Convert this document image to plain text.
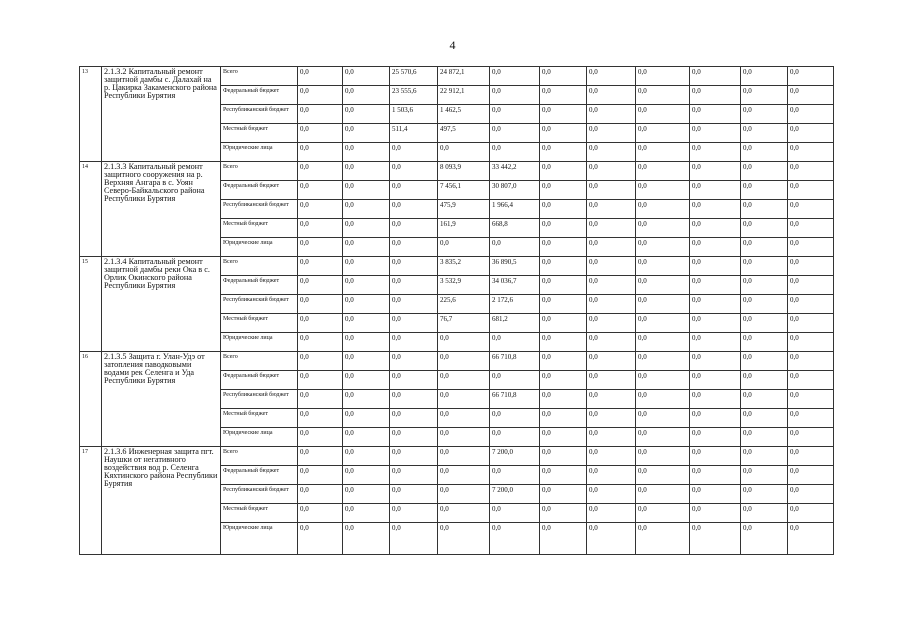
4
13	2.1.3.2 Капитальный ремонт защитной дамбы с. Далахай на р. Цакирка Закаменского района Республики Бурятия	Всего	0,0	0,0	25 570,6	24 872,1	0,0	0,0	0,0	0,0	0,0	0,0	0,0
		Федеральный бюджет	0,0	0,0	23 555,6	22 912,1	0,0	0,0	0,0	0,0	0,0	0,0	0,0
		Республиканский бюджет	0,0	0,0	1 503,6	1 462,5	0,0	0,0	0,0	0,0	0,0	0,0	0,0
		Местный бюджет	0,0	0,0	511,4	497,5	0,0	0,0	0,0	0,0	0,0	0,0	0,0
		Юридические лица	0,0	0,0	0,0	0,0	0,0	0,0	0,0	0,0	0,0	0,0	0,0
14	2.1.3.3 Капитальный ремонт защитного сооружения на р. Верхняя Ангара в с. Уоян Северо-Байкальского района Республики Бурятия	Всего	0,0	0,0	0,0	8 093,9	33 442,2	0,0	0,0	0,0	0,0	0,0	0,0
		Федеральный бюджет	0,0	0,0	0,0	7 456,1	30 807,0	0,0	0,0	0,0	0,0	0,0	0,0
		Республиканский бюджет	0,0	0,0	0,0	475,9	1 966,4	0,0	0,0	0,0	0,0	0,0	0,0
		Местный бюджет	0,0	0,0	0,0	161,9	668,8	0,0	0,0	0,0	0,0	0,0	0,0
		Юридические лица	0,0	0,0	0,0	0,0	0,0	0,0	0,0	0,0	0,0	0,0	0,0
15	2.1.3.4 Капитальный ремонт защитной дамбы реки Ока в с. Орлик Окинского района Республики Бурятия	Всего	0,0	0,0	0,0	3 835,2	36 890,5	0,0	0,0	0,0	0,0	0,0	0,0
		Федеральный бюджет	0,0	0,0	0,0	3 532,9	34 036,7	0,0	0,0	0,0	0,0	0,0	0,0
		Республиканский бюджет	0,0	0,0	0,0	225,6	2 172,6	0,0	0,0	0,0	0,0	0,0	0,0
		Местный бюджет	0,0	0,0	0,0	76,7	681,2	0,0	0,0	0,0	0,0	0,0	0,0
		Юридические лица	0,0	0,0	0,0	0,0	0,0	0,0	0,0	0,0	0,0	0,0	0,0
16	2.1.3.5 Защита г. Улан-Удэ от затопления паводковыми водами рек Селенга и Уда Республики Бурятия	Всего	0,0	0,0	0,0	0,0	66 710,8	0,0	0,0	0,0	0,0	0,0	0,0
		Федеральный бюджет	0,0	0,0	0,0	0,0	0,0	0,0	0,0	0,0	0,0	0,0	0,0
		Республиканский бюджет	0,0	0,0	0,0	0,0	66 710,8	0,0	0,0	0,0	0,0	0,0	0,0
		Местный бюджет	0,0	0,0	0,0	0,0	0,0	0,0	0,0	0,0	0,0	0,0	0,0
		Юридические лица	0,0	0,0	0,0	0,0	0,0	0,0	0,0	0,0	0,0	0,0	0,0
17	2.1.3.6 Инженерная защита пгт. Наушки от негативного воздействия вод р. Селенга Кяхтинского района Республики Бурятия	Всего	0,0	0,0	0,0	0,0	7 200,0	0,0	0,0	0,0	0,0	0,0	0,0
		Федеральный бюджет	0,0	0,0	0,0	0,0	0,0	0,0	0,0	0,0	0,0	0,0	0,0
		Республиканский бюджет	0,0	0,0	0,0	0,0	7 200,0	0,0	0,0	0,0	0,0	0,0	0,0
		Местный бюджет	0,0	0,0	0,0	0,0	0,0	0,0	0,0	0,0	0,0	0,0	0,0
		Юридические лица	0,0	0,0	0,0	0,0	0,0	0,0	0,0	0,0	0,0	0,0	0,0
